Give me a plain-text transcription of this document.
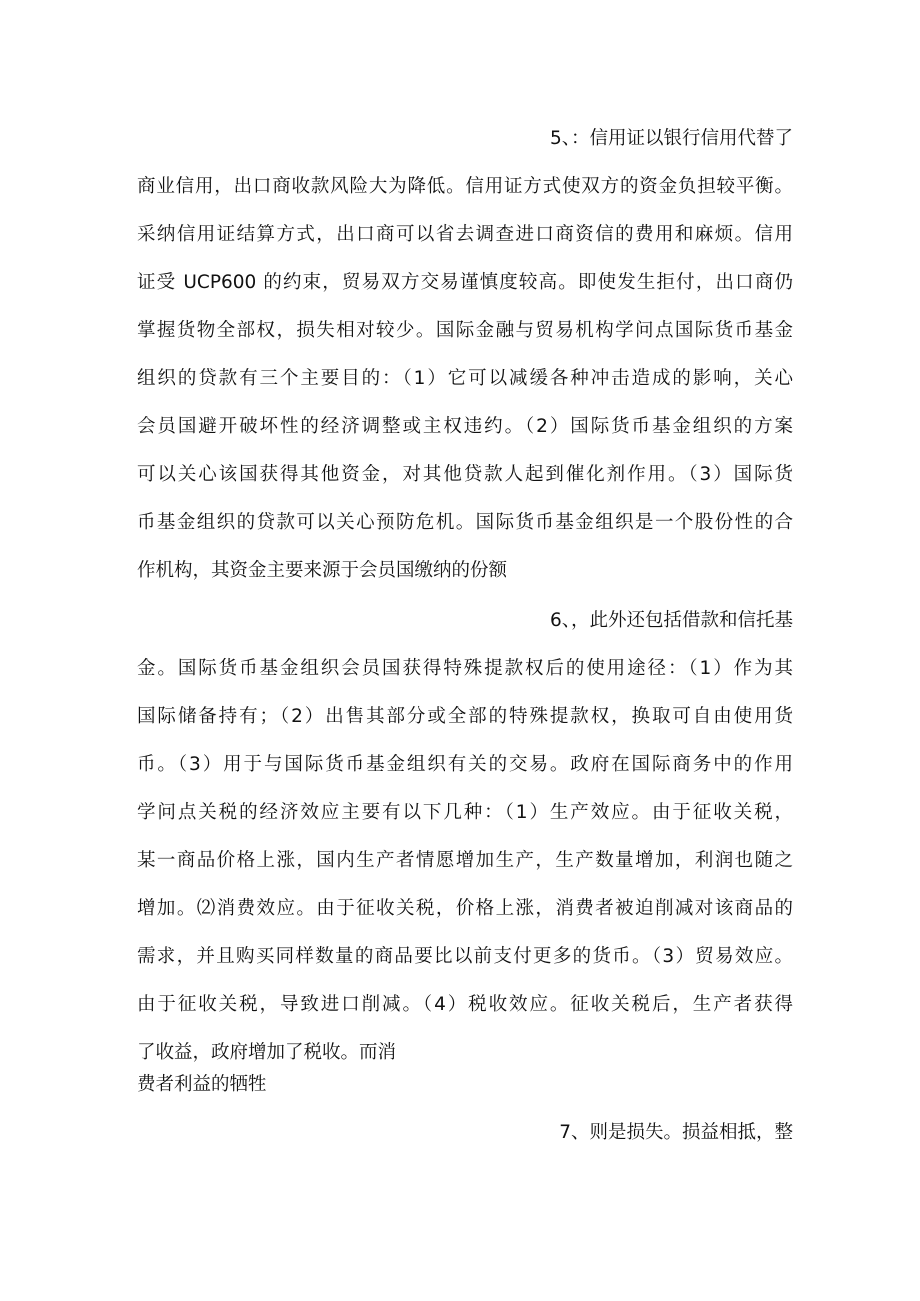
5、：信用证以银行信用代替了
商业信用，出口商收款风险大为降低。信用证方式使双方的资金负担较平衡。
采纳信用证结算方式，出口商可以省去调查进口商资信的费用和麻烦。信用
证受 UCP600 的约束，贸易双方交易谨慎度较高。即使发生拒付，出口商仍
掌握货物全部权，损失相对较少。国际金融与贸易机构学问点国际货币基金
组织的贷款有三个主要目的：（1）它可以减缓各种冲击造成的影响，关心
会员国避开破坏性的经济调整或主权违约。（2）国际货币基金组织的方案
可以关心该国获得其他资金，对其他贷款人起到催化剂作用。（3）国际货
币基金组织的贷款可以关心预防危机。国际货币基金组织是一个股份性的合
作机构，其资金主要来源于会员国缴纳的份额
6、，此外还包括借款和信托基
金。国际货币基金组织会员国获得特殊提款权后的使用途径：（1）作为其
国际储备持有；（2）出售其部分或全部的特殊提款权，换取可自由使用货
币。（3）用于与国际货币基金组织有关的交易。政府在国际商务中的作用
学问点关税的经济效应主要有以下几种：（1）生产效应。由于征收关税，
某一商品价格上涨，国内生产者情愿增加生产，生产数量增加，利润也随之
增加。⑵消费效应。由于征收关税，价格上涨，消费者被迫削减对该商品的
需求，并且购买同样数量的商品要比以前支付更多的货币。（3）贸易效应。
由于征收关税，导致进口削减。（4）税收效应。征收关税后，生产者获得
了收益，政府增加了税收。而消
费者利益的牺牲
7、则是损失。损益相抵，整
